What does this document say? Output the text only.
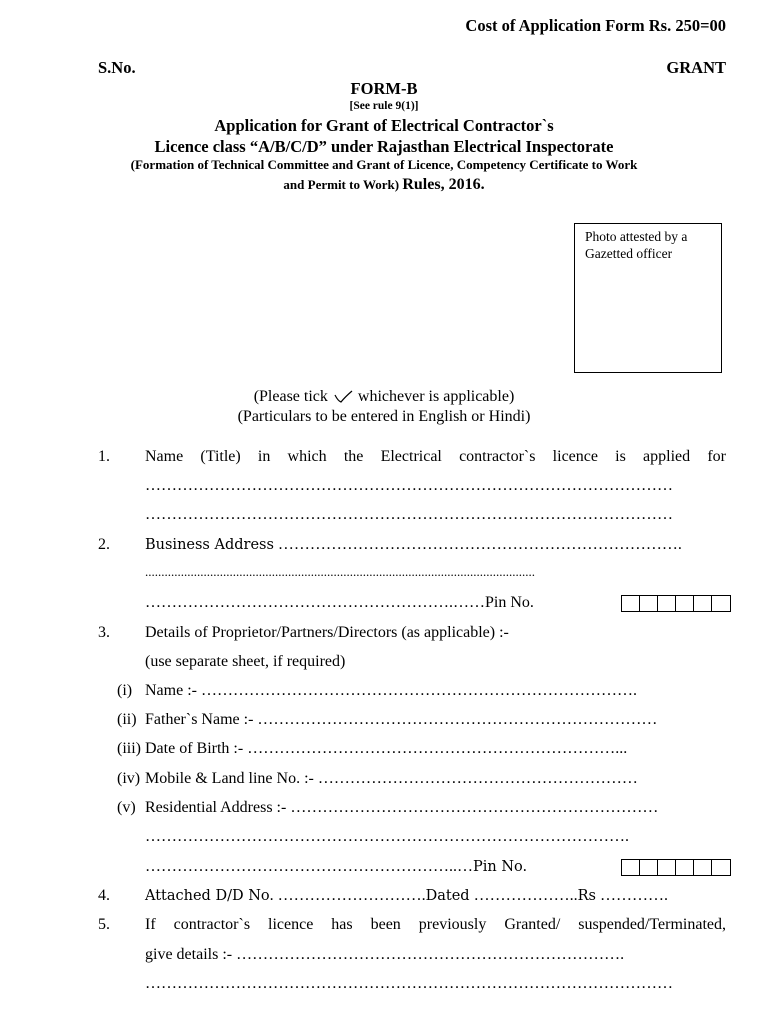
Cost of Application Form Rs. 250=00
S.No.	GRANT
FORM-B
[See rule 9(1)]
Application for Grant of Electrical Contractor`s
Licence class “A/B/C/D” under Rajasthan Electrical Inspectorate
(Formation of Technical Committee and Grant of Licence, Competency Certificate to Work
and Permit to Work) Rules, 2016.
Photo attested by a Gazetted officer
(Please tick whichever is applicable)
(Particulars to be entered in English or Hindi)
1. Name (Title) in which the Electrical contractor`s licence is applied for
………………………………………………………………………………………
………………………………………………………………………………………
2. Business Address ………………………………………………………………….
........................................................................................................................
………………………………………………….……Pin No.
3. Details of Proprietor/Partners/Directors (as applicable) :-
(use separate sheet, if required)
(i) Name :- ……………………………………………………………………….
(ii) Father`s Name :- …………………………………………………………………
(iii) Date of Birth :- ……………………………………………………………...
(iv) Mobile & Land line No. :- ……………………………………………………
(v) Residential Address :- ……………………………………………………………
……………………………………………………………………………….
…………………………………………………..…Pin No.
4. Attached D/D No. ……………………….Dated ………………..Rs ………….
5. If contractor`s licence has been previously Granted/ suspended/Terminated,
give details :- ……………………………………………………………….
………………………………………………………………………………………
